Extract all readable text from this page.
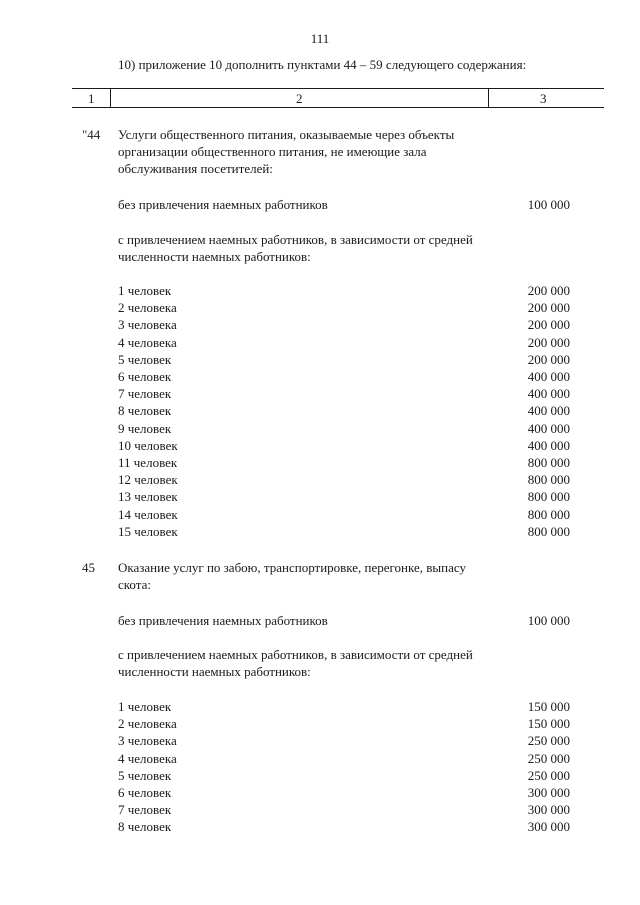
111
10) приложение 10 дополнить пунктами 44 – 59 следующего содержания:
1	2	3
"44 Услуги общественного питания, оказываемые через объекты организации общественного питания, не имеющие зала обслуживания посетителей:
без привлечения наемных работников	100 000
с привлечением наемных работников, в зависимости от средней численности наемных работников:
1 человек	200 000
2 человека	200 000
3 человека	200 000
4 человека	200 000
5 человек	200 000
6 человек	400 000
7 человек	400 000
8 человек	400 000
9 человек	400 000
10 человек	400 000
11 человек	800 000
12 человек	800 000
13 человек	800 000
14 человек	800 000
15 человек	800 000
45 Оказание услуг по забою, транспортировке, перегонке, выпасу скота:
без привлечения наемных работников	100 000
с привлечением наемных работников, в зависимости от средней численности наемных работников:
1 человек	150 000
2 человека	150 000
3 человека	250 000
4 человека	250 000
5 человек	250 000
6 человек	300 000
7 человек	300 000
8 человек	300 000
